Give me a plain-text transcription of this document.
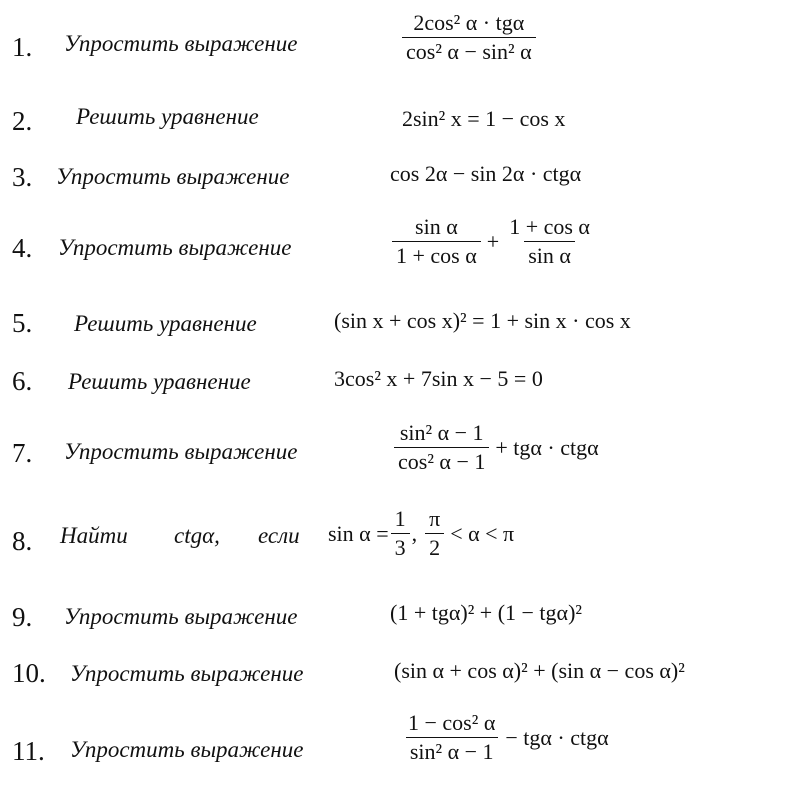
1. Упростить выражение	$\frac{\text{2cos² α · tgα}}{\text{cos² α − sin² α}}$
2. Решить уравнение	2sin² x = 1 − cos x
3. Упростить выражение	cos 2α − sin 2α · ctgα
4. Упростить выражение	$\frac{\text{sin α}}{\text{1 + cos α}} + \frac{\text{1 + cos α}}{\text{sin α}}$
5. Решить уравнение	(sin x + cos x)² = 1 + sin x · cos x
6. Решить уравнение	3cos² x + 7sin x − 5 = 0
7. Упростить выражение	$\frac{\text{sin² α − 1}}{\text{cos² α − 1}} + tg\alpha \cdot ctg\alpha$
8. Найти ctgα, если $\sin \alpha = \frac{1}{3}$ , $\frac{\pi}{2} < \alpha < \pi$
9. Упростить выражение	(1 + tgα)² + (1 − tgα)²
10. Упростить выражение	(sin α + cos α)² + (sin α − cos α)²
11. Упростить выражение	$\frac{\text{1 − cos² α}}{\text{sin² α − 1}} - tg\alpha \cdot ctg\alpha$
